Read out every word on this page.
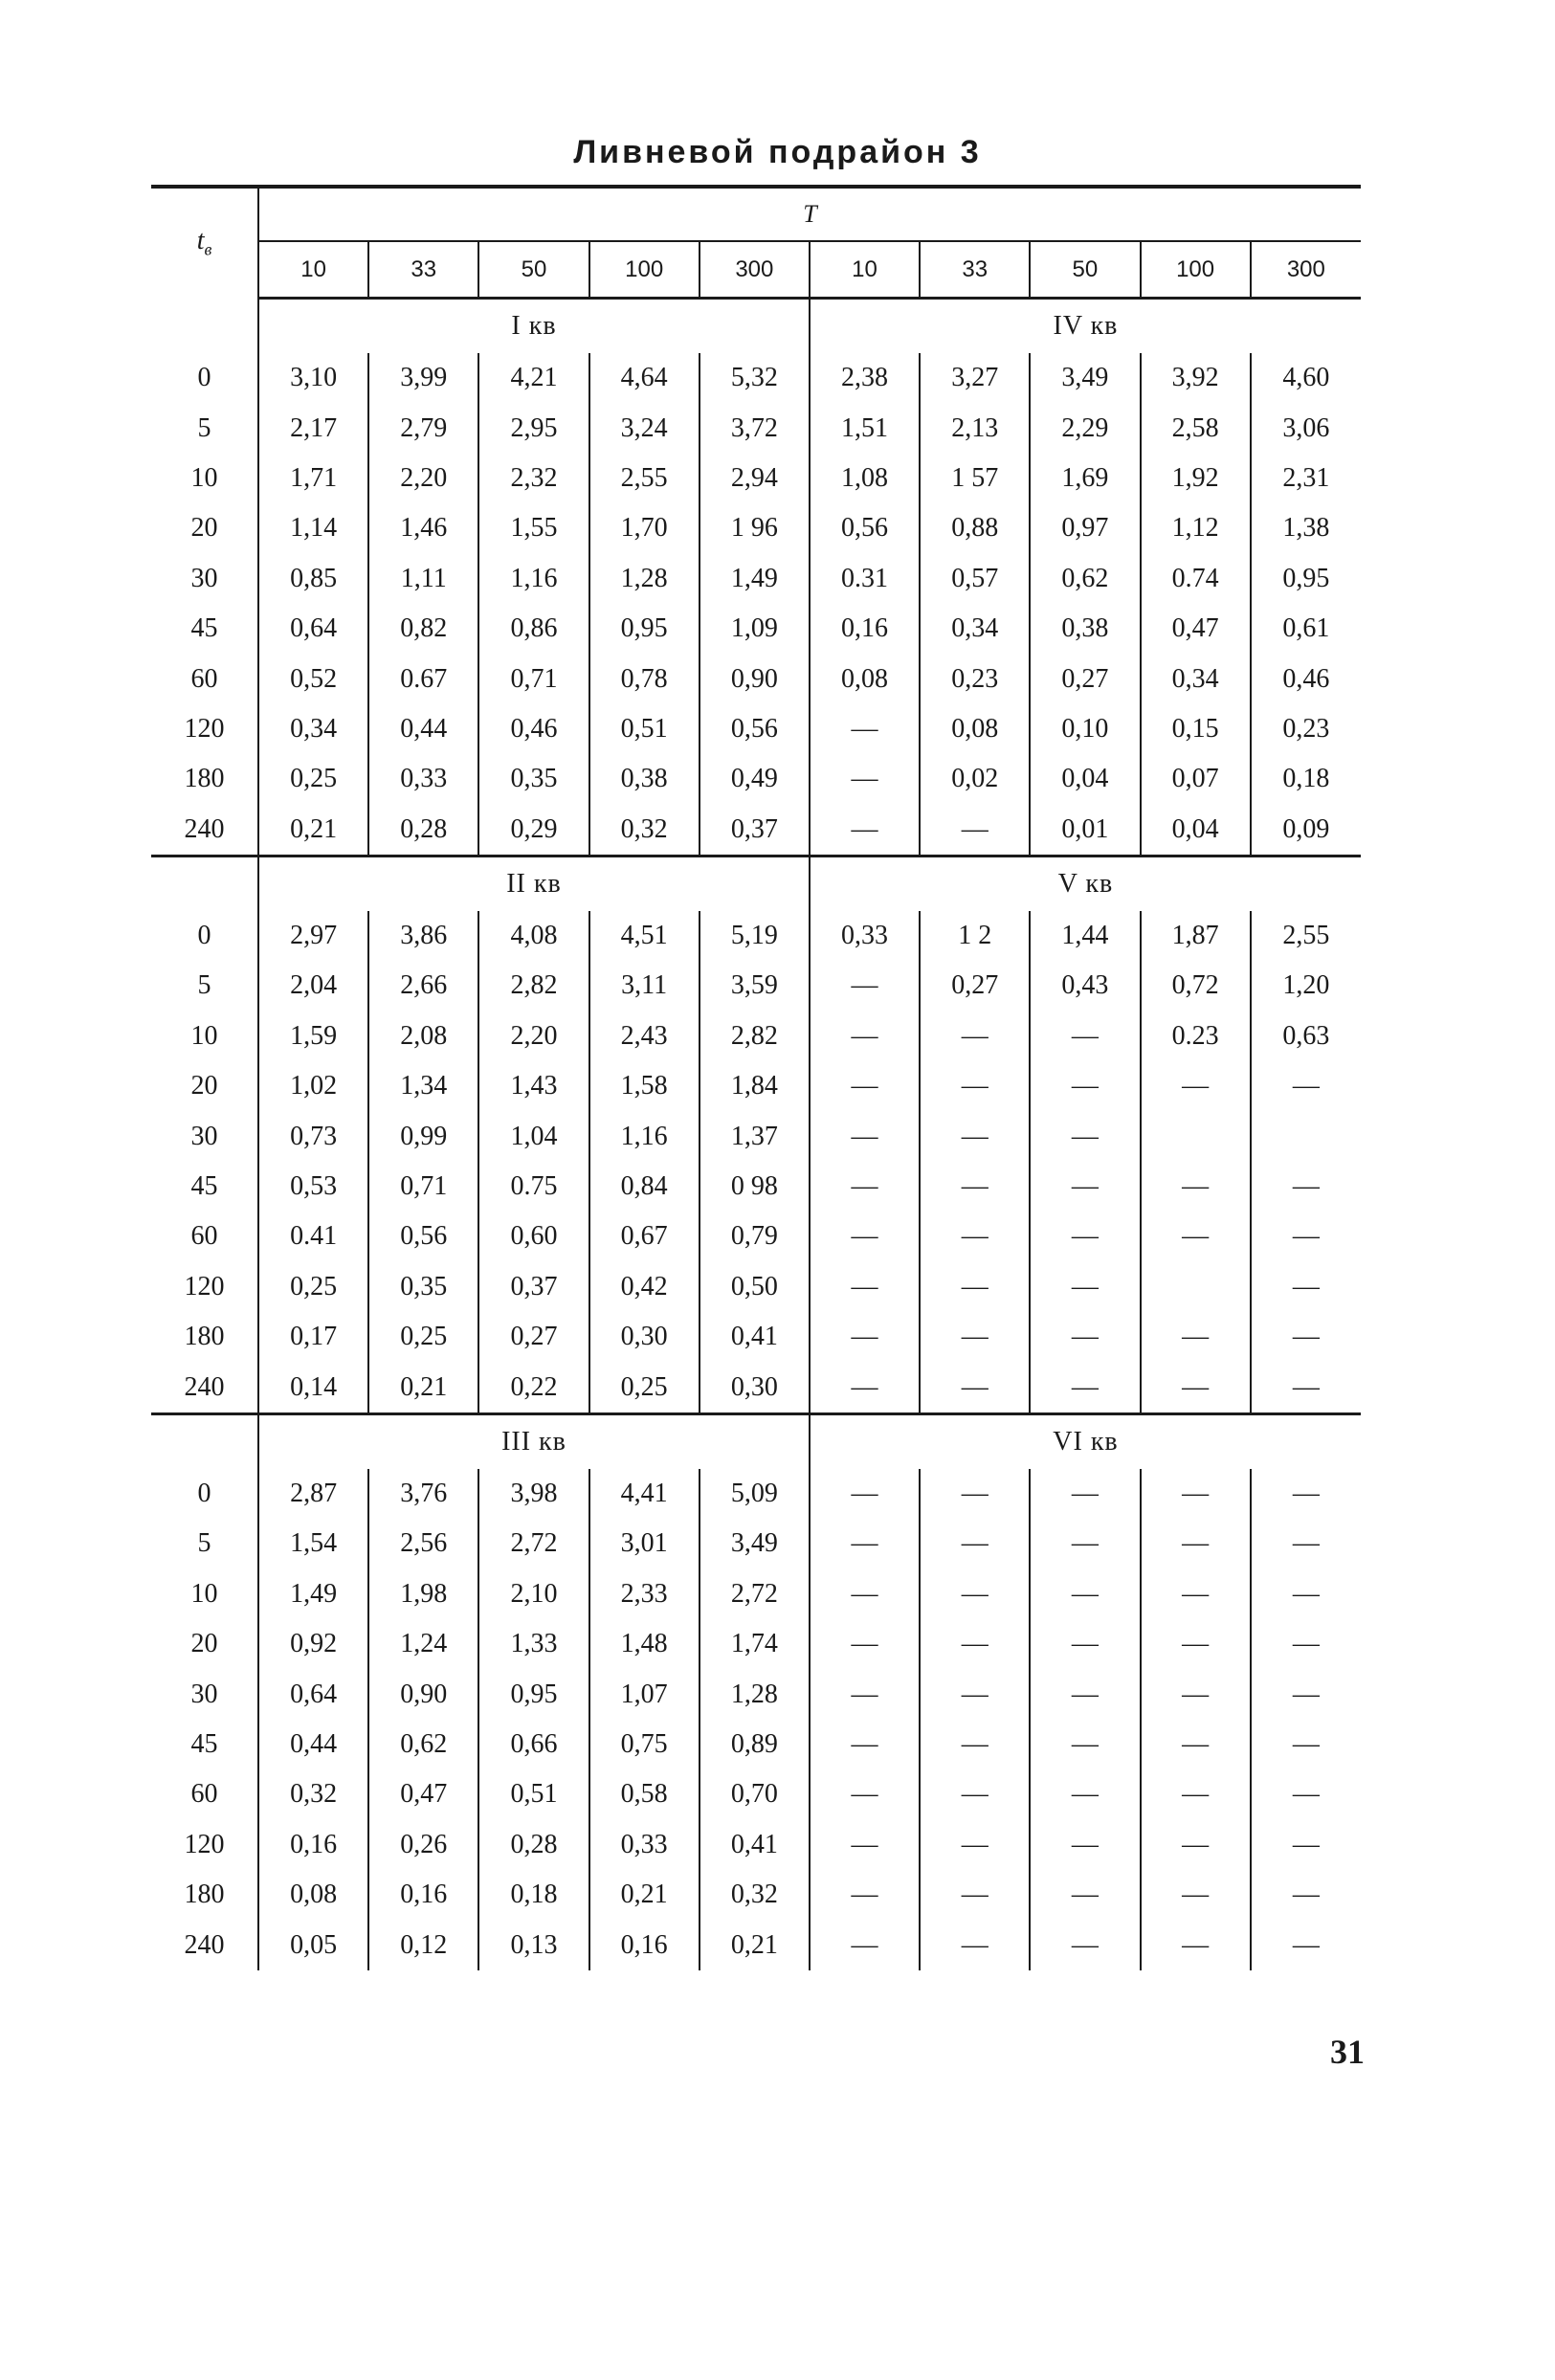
Ливневой подрайон 3
$t_в$	T									
	10	33	50	100	300	10	33	50	100	300
	I кв					IV кв				
0	3,10	3,99	4,21	4,64	5,32	2,38	3,27	3,49	3,92	4,60
5	2,17	2,79	2,95	3,24	3,72	1,51	2,13	2,29	2,58	3,06
10	1,71	2,20	2,32	2,55	2,94	1,08	1 57	1,69	1,92	2,31
20	1,14	1,46	1,55	1,70	1 96	0,56	0,88	0,97	1,12	1,38
30	0,85	1,11	1,16	1,28	1,49	0.31	0,57	0,62	0.74	0,95
45	0,64	0,82	0,86	0,95	1,09	0,16	0,34	0,38	0,47	0,61
60	0,52	0.67	0,71	0,78	0,90	0,08	0,23	0,27	0,34	0,46
120	0,34	0,44	0,46	0,51	0,56	—	0,08	0,10	0,15	0,23
180	0,25	0,33	0,35	0,38	0,49	—	0,02	0,04	0,07	0,18
240	0,21	0,28	0,29	0,32	0,37	—	—	0,01	0,04	0,09
	II кв					V кв				
0	2,97	3,86	4,08	4,51	5,19	0,33	1 2	1,44	1,87	2,55
5	2,04	2,66	2,82	3,11	3,59	—	0,27	0,43	0,72	1,20
10	1,59	2,08	2,20	2,43	2,82	—	—	—	0.23	0,63
20	1,02	1,34	1,43	1,58	1,84	—	—	—	—	—
30	0,73	0,99	1,04	1,16	1,37	—	—	—		
45	0,53	0,71	0.75	0,84	0 98	—	—	—	—	—
60	0.41	0,56	0,60	0,67	0,79	—	—	—	—	—
120	0,25	0,35	0,37	0,42	0,50	—	—	—		—
180	0,17	0,25	0,27	0,30	0,41	—	—	—	—	—
240	0,14	0,21	0,22	0,25	0,30	—	—	—	—	—
	III кв					VI кв				
0	2,87	3,76	3,98	4,41	5,09	—	—	—	—	—
5	1,54	2,56	2,72	3,01	3,49	—	—	—	—	—
10	1,49	1,98	2,10	2,33	2,72	—	—	—	—	—
20	0,92	1,24	1,33	1,48	1,74	—	—	—	—	—
30	0,64	0,90	0,95	1,07	1,28	—	—	—	—	—
45	0,44	0,62	0,66	0,75	0,89	—	—	—	—	—
60	0,32	0,47	0,51	0,58	0,70	—	—	—	—	—
120	0,16	0,26	0,28	0,33	0,41	—	—	—	—	—
180	0,08	0,16	0,18	0,21	0,32	—	—	—	—	—
240	0,05	0,12	0,13	0,16	0,21	—	—	—	—	—
31
